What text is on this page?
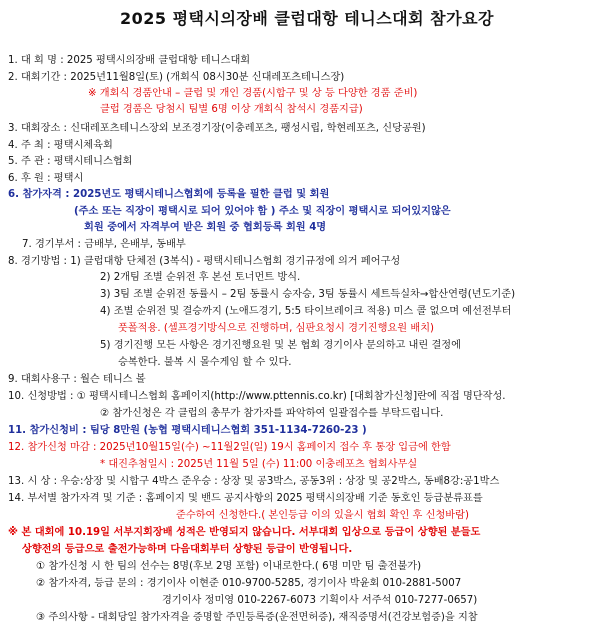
2025 평택시의장배 클럽대항 테니스대회 참가요강
1. 대 회 명 : 2025 평택시의장배 클럽대항 테니스대회
2. 대회기간 : 2025년11월8일(토) (개회식 08시30분 신대레포츠테니스장)
※ 개회식 경품안내 – 클럽 및 개인 경품(시합구 및 상 등 다양한 경품 준비)
클럽 경품은 당첨시 팀별 6명 이상 개회식 참석시 경품지급)
3. 대회장소 : 신대레포츠테니스장외 보조경기장(이충레포츠, 팽성시립, 학현레포츠, 신당공원)
4. 주 최 : 평택시체육회
5. 주 관 : 평택시테니스협회
6. 후 원 : 평택시
6. 참가자격 : 2025년도 평택시테니스협회에 등록을 필한 클럽 및 회원
(주소 또는 직장이 평택시로 되어 있어야 함 ) 주소 및 직장이 평택시로 되어있지않은
회원 중에서 자격부여 받은 회원 중 협회등록 회원 4명
7. 경기부서 : 금배부, 은배부, 동배부
8. 경기방법 : 1) 클럽대항 단체전 (3복식) - 평택시테니스협회 경기규정에 의거 페어구성
2) 2개팀 조별 순위전 후 본선 토너먼트 방식.
3) 3팀 조별 순위전 동률시 – 2팀 동률시 승자승, 3팀 동률시 세트득실차→합산연령(년도기준)
4) 조별 순위전 및 결승까지 (노애드경기, 5:5 타이브레이크 적용) 미스 콜 없으며 예선전부터
풋폴적용. (셀프경기방식으로 진행하며, 심판요청시 경기진행요원 배치)
5) 경기진행 모든 사항은 경기진행요원 및 본 협회 경기이사 문의하고 내린 결정에
승복한다. 불복 시 몰수게임 할 수 있다.
9. 대회사용구 : 월슨 테니스 볼
10. 신청방법 : ① 평택시테니스협회 홈페이지(http://www.pttennis.co.kr) [대회참가신청]란에 직접 명단작성.
② 참가신청은 각 클럽의 총무가 참가자를 파악하여 일괄접수를 부탁드립니다.
11. 참가신청비 : 팀당 8만원 (농협 평택시테니스협회 351-1134-7260-23 )
12. 참가신청 마감 : 2025년10월15일(수) ~11월2일(일) 19시 홈페이지 접수 후 통장 입금에 한함
* 대진추첨일시 : 2025년 11월 5일 (수) 11:00 이충레포츠 협회사무실
13. 시 상 : 우승:상장 및 시합구 4박스 준우승 : 상장 및 공3박스, 공동3위 : 상장 및 공2박스, 동배8강:공1박스
14. 부서별 참가자격 및 기준 : 홈페이지 및 밴드 공지사항의 2025 평택시의장배 기준 동호인 등급분류표를
준수하여 신청한다.( 본인등급 이의 있을시 협회 확인 후 신청바람)
※ 본 대회에 10.19일 서부지회장배 성적은 반영되지 않습니다. 서부대회 입상으로 등급이 상향된 분들도
상향전의 등급으로 출전가능하며 다음대회부터 상향된 등급이 반영됩니다.
① 참가신청 시 한 팀의 선수는 8명(후보 2명 포함) 이내로한다.( 6명 미만 팀 출전불가)
② 참가자격, 등급 문의 : 경기이사 이현준 010-9700-5285, 경기이사 박윤회 010-2881-5007
경기이사 정미영 010-2267-6073 기획이사 서주석 010-7277-0657)
③ 주의사항 - 대회당일 참가자격을 증명할 주민등록증(운전면허증), 재직증명서(건강보험증)을 지참
